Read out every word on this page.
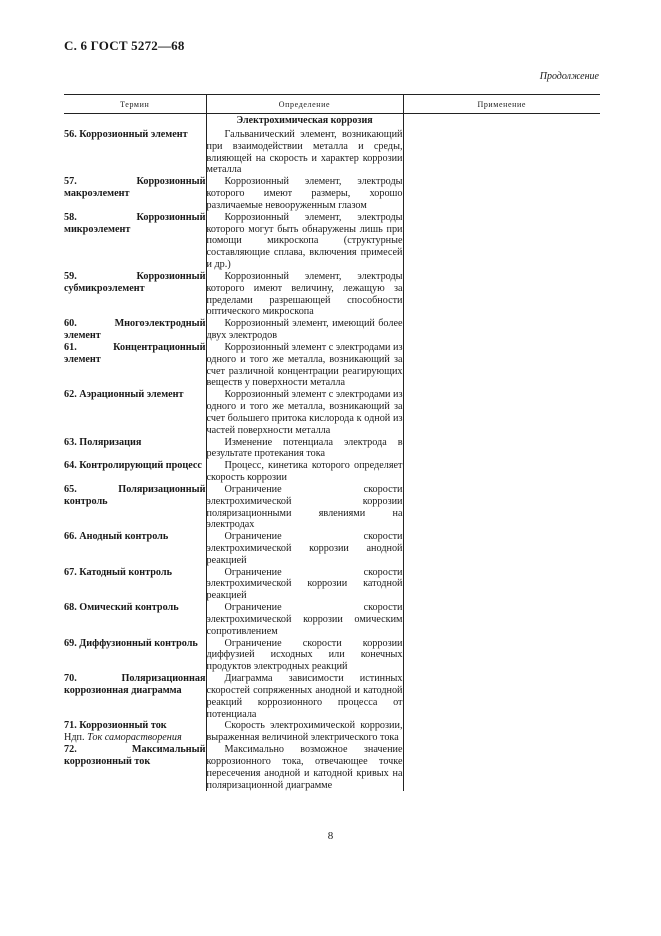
С. 6 ГОСТ 5272—68
Продолжение
Термин	Определение	Применение
	Электрохимическая коррозия	

56. Коррозионный элемент	Гальванический элемент, возникающий при взаимодействии металла и среды, влияющей на скорость и характер коррозии металла	

57. Коррозионный макроэлемент	Коррозионный элемент, электроды которого имеют размеры, хорошо различаемые невооруженным глазом	

58. Коррозионный микроэлемент	Коррозионный элемент, электроды которого могут быть обнаружены лишь при помощи микроскопа (структурные составляющие сплава, включения примесей и др.)	

59. Коррозионный субмикроэлемент	Коррозионный элемент, электроды которого имеют величину, лежащую за пределами разрешающей способности оптического микроскопа	

60. Многоэлектродный элемент	Коррозионный элемент, имеющий более двух электродов	

61. Концентрационный элемент	Коррозионный элемент с электродами из одного и того же металла, возникающий за счет различной концентрации реагирующих веществ у поверхности металла	

62. Аэрационный элемент	Коррозионный элемент с электродами из одного и того же металла, возникающий за счет большего притока кислорода к одной из частей поверхности металла	

63. Поляризация	Изменение потенциала электрода в результате протекания тока	

64. Контролирующий процесс	Процесс, кинетика которого определяет скорость коррозии	

65. Поляризационный контроль	Ограничение скорости электрохимической коррозии поляризационными явлениями на электродах	

66. Анодный контроль	Ограничение скорости электрохимической коррозии анодной реакцией	

67. Катодный контроль	Ограничение скорости электрохимической коррозии катодной реакцией	

68. Омический контроль	Ограничение скорости электрохимической коррозии омическим сопротивлением	

69. Диффузионный контроль	Ограничение скорости коррозии диффузией исходных или конечных продуктов электродных реакций	

70. Поляризационная коррозионная диаграмма	Диаграмма зависимости истинных скоростей сопряженных анодной и катодной реакций коррозионного процесса от потенциала	

71. Коррозионный ток
Ндп. Ток саморастворения	Скорость электрохимической коррозии, выраженная величиной электрического тока	

72. Максимальный коррозионный ток	Максимально возможное значение коррозионного тока, отвечающее точке пересечения анодной и катодной кривых на поляризационной диаграмме	
8
